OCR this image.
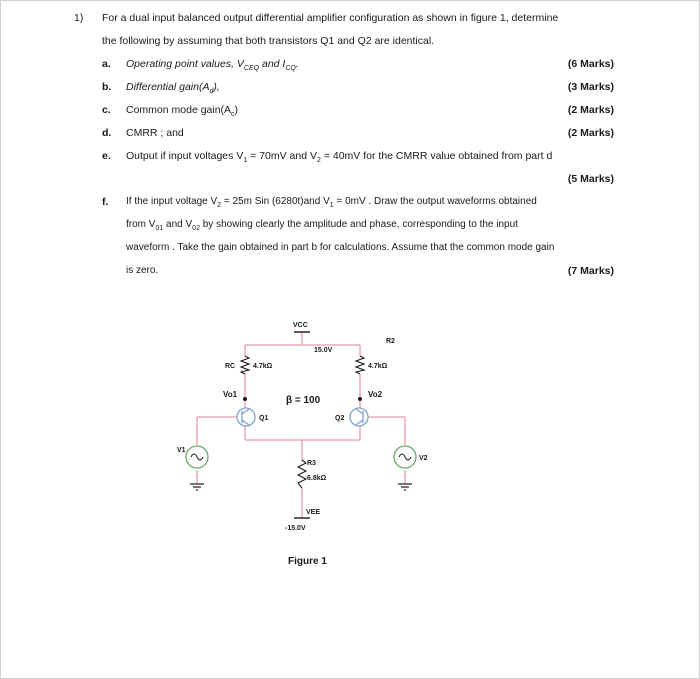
1) For a dual input balanced output differential amplifier configuration as shown in figure 1, determine
the following by assuming that both transistors Q1 and Q2 are identical.
a. Operating point values, $V_{CEQ}$ and $I_{CQ}$.	(6 Marks)
b. Differential $gain(A_d)$,	(3 Marks)
c. Common mode $gain(A_c)$	(2 Marks)
d. CMRR ; and	(2 Marks)
e. Output if input voltages $V_1 = 70mV$ and $V_2 = 40mV$ for the CMRR value obtained from part d
(5 Marks)
f. If the input voltage $V_2 = 25m$ Sin (6280t)and $V_1 = 0mV$ . Draw the output waveforms obtained
from $V_{01}$ and $V_{02}$ by showing clearly the amplitude and phase, corresponding to the input
waveform . Take the gain obtained in part b for calculations. Assume that the common mode gain
is zero.	(7 Marks)
VCC
15.0V
RC	4.7kΩ
R2
4.7kΩ
Vo1	Vo2
β = 100
Q1	Q2
V1
V2
R3
6.8kΩ
VEE
-15.0V
Figure 1
